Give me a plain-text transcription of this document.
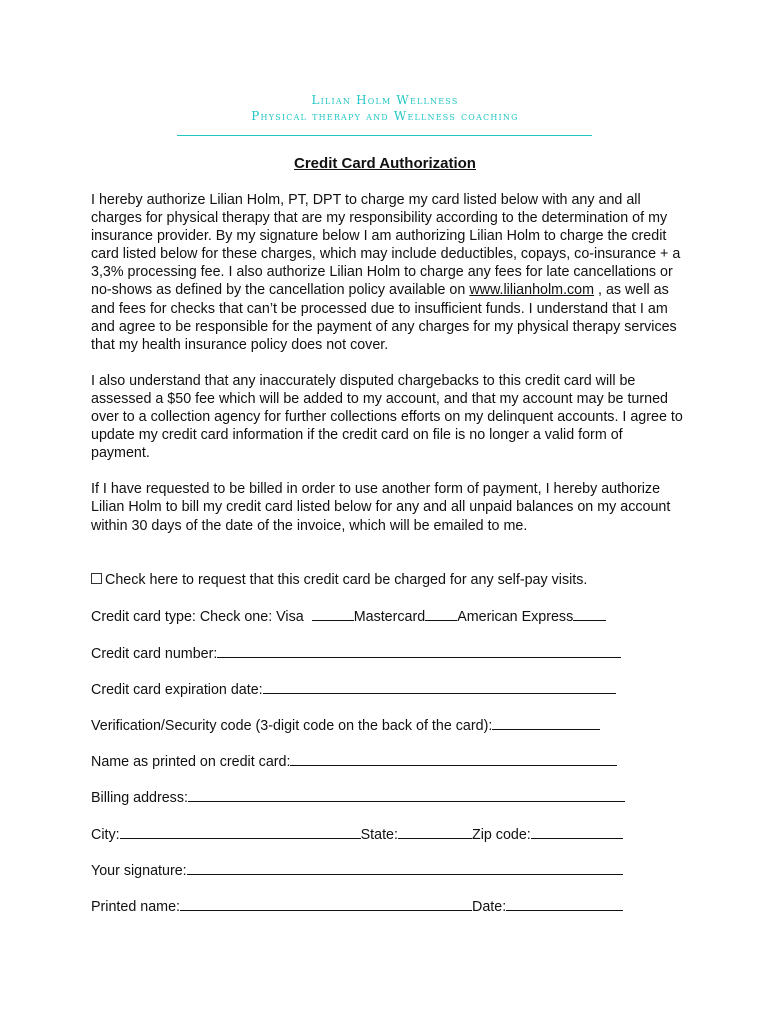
Lilian Holm Wellness
Physical therapy and Wellness coaching
Credit Card Authorization

I hereby authorize Lilian Holm, PT, DPT to charge my card listed below with any and all charges for physical therapy that are my responsibility according to the determination of my insurance provider. By my signature below I am authorizing Lilian Holm to charge the credit card listed below for these charges, which may include deductibles, copays, co-insurance + a 3,3% processing fee. I also authorize Lilian Holm to charge any fees for late cancellations or no-shows as defined by the cancellation policy available on www.lilianholm.com , as well as and fees for checks that can’t be processed due to insufficient funds. I understand that I am and agree to be responsible for the payment of any charges for my physical therapy services that my health insurance policy does not cover.

I also understand that any inaccurately disputed chargebacks to this credit card will be assessed a $50 fee which will be added to my account, and that my account may be turned over to a collection agency for further collections efforts on my delinquent accounts. I agree to update my credit card information if the credit card on file is no longer a valid form of payment.

If I have requested to be billed in order to use another form of payment, I hereby authorize Lilian Holm to bill my credit card listed below for any and all unpaid balances on my account within 30 days of the date of the invoice, which will be emailed to me.

Check here to request that this credit card be charged for any self-pay visits.
Credit card type: Check one: Visa	Mastercard American Express
Credit card number:
Credit card expiration date:
Verification/Security code (3-digit code on the back of the card):
Name as printed on credit card:
Billing address:
City:	State:	Zip code:
Your signature:
Printed name:	Date:
